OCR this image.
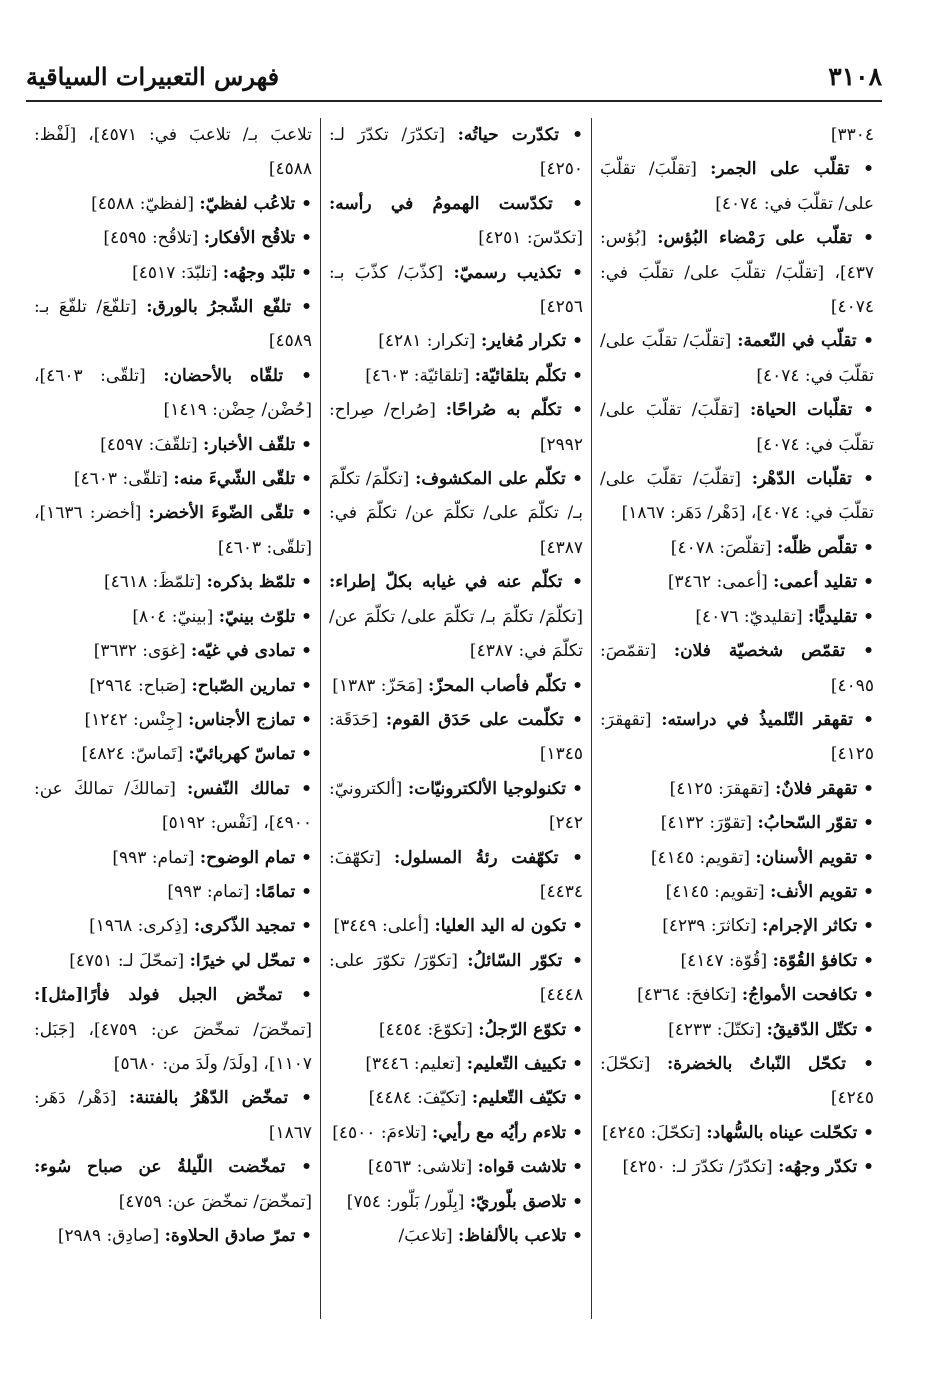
٣١٠٨
فهرس التعبيرات السياقية

٣٣٠٤]

• تقلّب على الجمر: [تقلّبَ/ تقلّبَ على/ تقلّبَ في: ٤٠٧٤]

• تقلّب على رَمْضاء البُؤس: [بُؤس: ٤٣٧]، [تقلّبَ/ تقلّبَ على/ تقلّبَ في: ٤٠٧٤]

• تقلّب في النّعمة: [تقلّبَ/ تقلّبَ على/ تقلّبَ في: ٤٠٧٤]

• تقلّبات الحياة: [تقلّبَ/ تقلّبَ على/ تقلّبَ في: ٤٠٧٤]

• تقلّبات الدّهْر: [تقلّبَ/ تقلّبَ على/ تقلّبَ في: ٤٠٧٤]، [دَهْر/ دَهَر: ١٨٦٧]

• تقلّص ظلّه: [تقلّصَ: ٤٠٧٨]

• تقليد أعمى: [أعمى: ٣٤٦٢]

• تقليديًّا: [تقليديّ: ٤٠٧٦]

• تقمّص شخصيّة فلان: [تقمّصَ: ٤٠٩٥]

• تقهقر التّلميذُ في دراسته: [تقهقرَ: ٤١٢٥]

• تقهقر فلانٌ: [تقهقرَ: ٤١٢٥]

• تقوّر السّحابُ: [تقوّرَ: ٤١٣٢]

• تقويم الأسنان: [تقويم: ٤١٤٥]

• تقويم الأنف: [تقويم: ٤١٤٥]

• تكاثر الإجرام: [تكاثرَ: ٤٢٣٩]

• تكافؤ القُوّة: [قُوّة: ٤١٤٧]

• تكافحت الأمواجُ: [تكافحَ: ٤٣٦٤]

• تكتّل الدّقيقُ: [تكتّلَ: ٤٢٣٣]

• تكحّل النّباتُ بالخضرة: [تكحّلَ: ٤٢٤٥]

• تكحّلت عيناه بالسُّهاد: [تكحّلَ: ٤٢٤٥]

• تكدّر وجهُه: [تكدّرَ/ تكدّرَ لـ: ٤٢٥٠]

• تكدّرت حياتُه: [تكدّرَ/ تكدّرَ لـ: ٤٢٥٠]

• تكدّست الهمومُ في رأسه: [تكدّسَ: ٤٢٥١]

• تكذيب رسميّ: [كذّبَ/ كذّبَ بـ: ٤٢٥٦]

• تكرار مُغاير: [تكرار: ٤٢٨١]

• تكلّم بتلقائيّة: [تلقائيّة: ٤٦٠٣]

• تكلّم به صُراحًا: [صُراح/ صِراح: ٢٩٩٢]

• تكلّم على المكشوف: [تكلّمَ/ تكلّمَ بـ/ تكلّمَ على/ تكلّمَ عن/ تكلّمَ في: ٤٣٨٧]

• تكلّم عنه في غيابه بكلّ إطراء: [تكلّمَ/ تكلّمَ بـ/ تكلّمَ على/ تكلّمَ عن/ تكلّمَ في: ٤٣٨٧]

• تكلّم فأصاب المحزّ: [مَحَزّ: ١٣٨٣]

• تكلّمت على حَدَق القوم: [حَدَقَة: ١٣٤٥]

• تكنولوجيا الألكترونيّات: [ألكترونيّ: ٢٤٢]

• تكهّفت رئةُ المسلول: [تكهّفَ: ٤٤٣٤]

• تكون له اليد العليا: [أعلى: ٣٤٤٩]

• تكوّر السّائلُ: [تكوّرَ/ تكوّرَ على: ٤٤٤٨]

• تكوّع الرّجلُ: [تكوّعَ: ٤٤٥٤]

• تكييف التّعليم: [تعليم: ٣٤٤٦]

• تكيّف التّعليم: [تكيّفَ: ٤٤٨٤]

• تلاءم رأيُه مع رأيي: [تلاءمَ: ٤٥٠٠]

• تلاشت قواه: [تلاشى: ٤٥٦٣]

• تلاصق بلّوريّ: [بِلّور/ بَلّور: ٧٥٤]

• تلاعب بالألفاظ: [تلاعبَ/

تلاعبَ بـ/ تلاعبَ في: ٤٥٧١]، [لَفْظ: ٤٥٨٨]

• تلاعُب لفظيّ: [لفظيّ: ٤٥٨٨]

• تلاقُح الأفكار: [تلاقُح: ٤٥٩٥]

• تلبّد وجهُه: [تلبّدَ: ٤٥١٧]

• تلفّع الشّجرُ بالورق: [تلفّعَ/ تلفّعَ بـ: ٤٥٨٩]

• تلقّاه بالأحضان: [تلقّى: ٤٦٠٣]، [حُضْن/ حِضْن: ١٤١٩]

• تلقّف الأخبار: [تلقّفَ: ٤٥٩٧]

• تلقّى الشّيءَ منه: [تلقّى: ٤٦٠٣]

• تلقّى الضّوءَ الأخضر: [أخضر: ١٦٣٦]، [تلقّى: ٤٦٠٣]

• تلمّظ بذكره: [تلمّظَ: ٤٦١٨]

• تلوّث بينيّ: [بينيّ: ٨٠٤]

• تمادى في غيّه: [غوَى: ٣٦٣٢]

• تمارين الصّباح: [صَباح: ٢٩٦٤]

• تمازج الأجناس: [جِنْس: ١٢٤٢]

• تماسّ كهربائيّ: [تَماسّ: ٤٨٢٤]

• تمالك النّفس: [تمالكَ/ تمالكَ عن: ٤٩٠٠]، [نَفْس: ٥١٩٢]

• تمام الوضوح: [تمام: ٩٩٣]

• تمامًا: [تمام: ٩٩٣]

• تمجيد الذّكرى: [ذِكرى: ١٩٦٨]

• تمحّل لي خيرًا: [تمحّلَ لـ: ٤٧٥١]

• تمخّض الجبل فولد فأرًا[مثل]: [تمخّضَ/ تمخّضَ عن: ٤٧٥٩]، [جَبَل: ١١٠٧]، [ولَدَ/ ولَدَ من: ٥٦٨٠]

• تمخّض الدّهْرُ بالفتنة: [دَهْر/ دَهَر: ١٨٦٧]

• تمخّضت اللّيلةُ عن صباح سُوء: [تمخّضَ/ تمخّضَ عن: ٤٧٥٩]

• تمرّ صادق الحلاوة: [صادِق: ٢٩٨٩]
